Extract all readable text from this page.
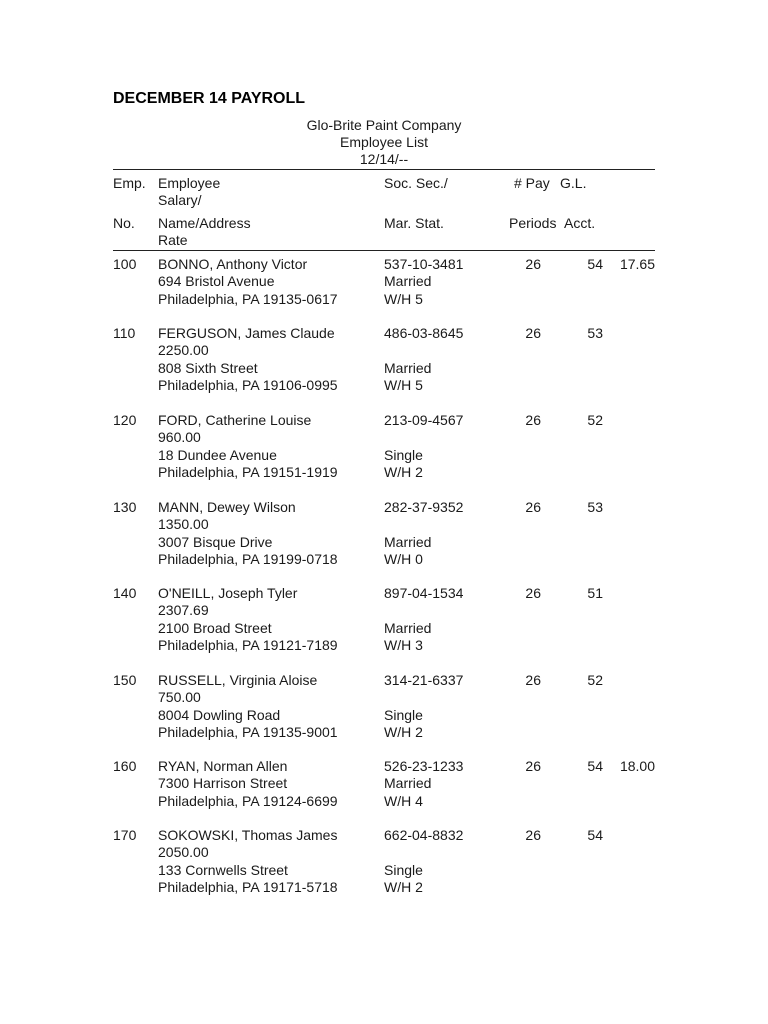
DECEMBER 14 PAYROLL
Glo-Brite Paint Company
Employee List
12/14/--
Emp. Employee	Soc. Sec./	# Pay G.L.
Salary/
No. Name/Address	Mar. Stat.	Periods Acct.
Rate
100 BONNO, Anthony Victor	537-10-3481	26	54	17.65
694 Bristol Avenue	Married
Philadelphia, PA 19135-0617	W/H 5
110 FERGUSON, James Claude	486-03-8645	26	53
2250.00
808 Sixth Street	Married
Philadelphia, PA 19106-0995	W/H 5
120 FORD, Catherine Louise	213-09-4567	26	52
960.00
18 Dundee Avenue	Single
Philadelphia, PA 19151-1919	W/H 2
130 MANN, Dewey Wilson	282-37-9352	26	53
1350.00
3007 Bisque Drive	Married
Philadelphia, PA 19199-0718	W/H 0
140 O'NEILL, Joseph Tyler	897-04-1534	26	51
2307.69
2100 Broad Street	Married
Philadelphia, PA 19121-7189	W/H 3
150 RUSSELL, Virginia Aloise	314-21-6337	26	52
750.00
8004 Dowling Road	Single
Philadelphia, PA 19135-9001	W/H 2
160 RYAN, Norman Allen	526-23-1233	26	54	18.00
7300 Harrison Street	Married
Philadelphia, PA 19124-6699	W/H 4
170 SOKOWSKI, Thomas James	662-04-8832	26	54
2050.00
133 Cornwells Street	Single
Philadelphia, PA 19171-5718	W/H 2
